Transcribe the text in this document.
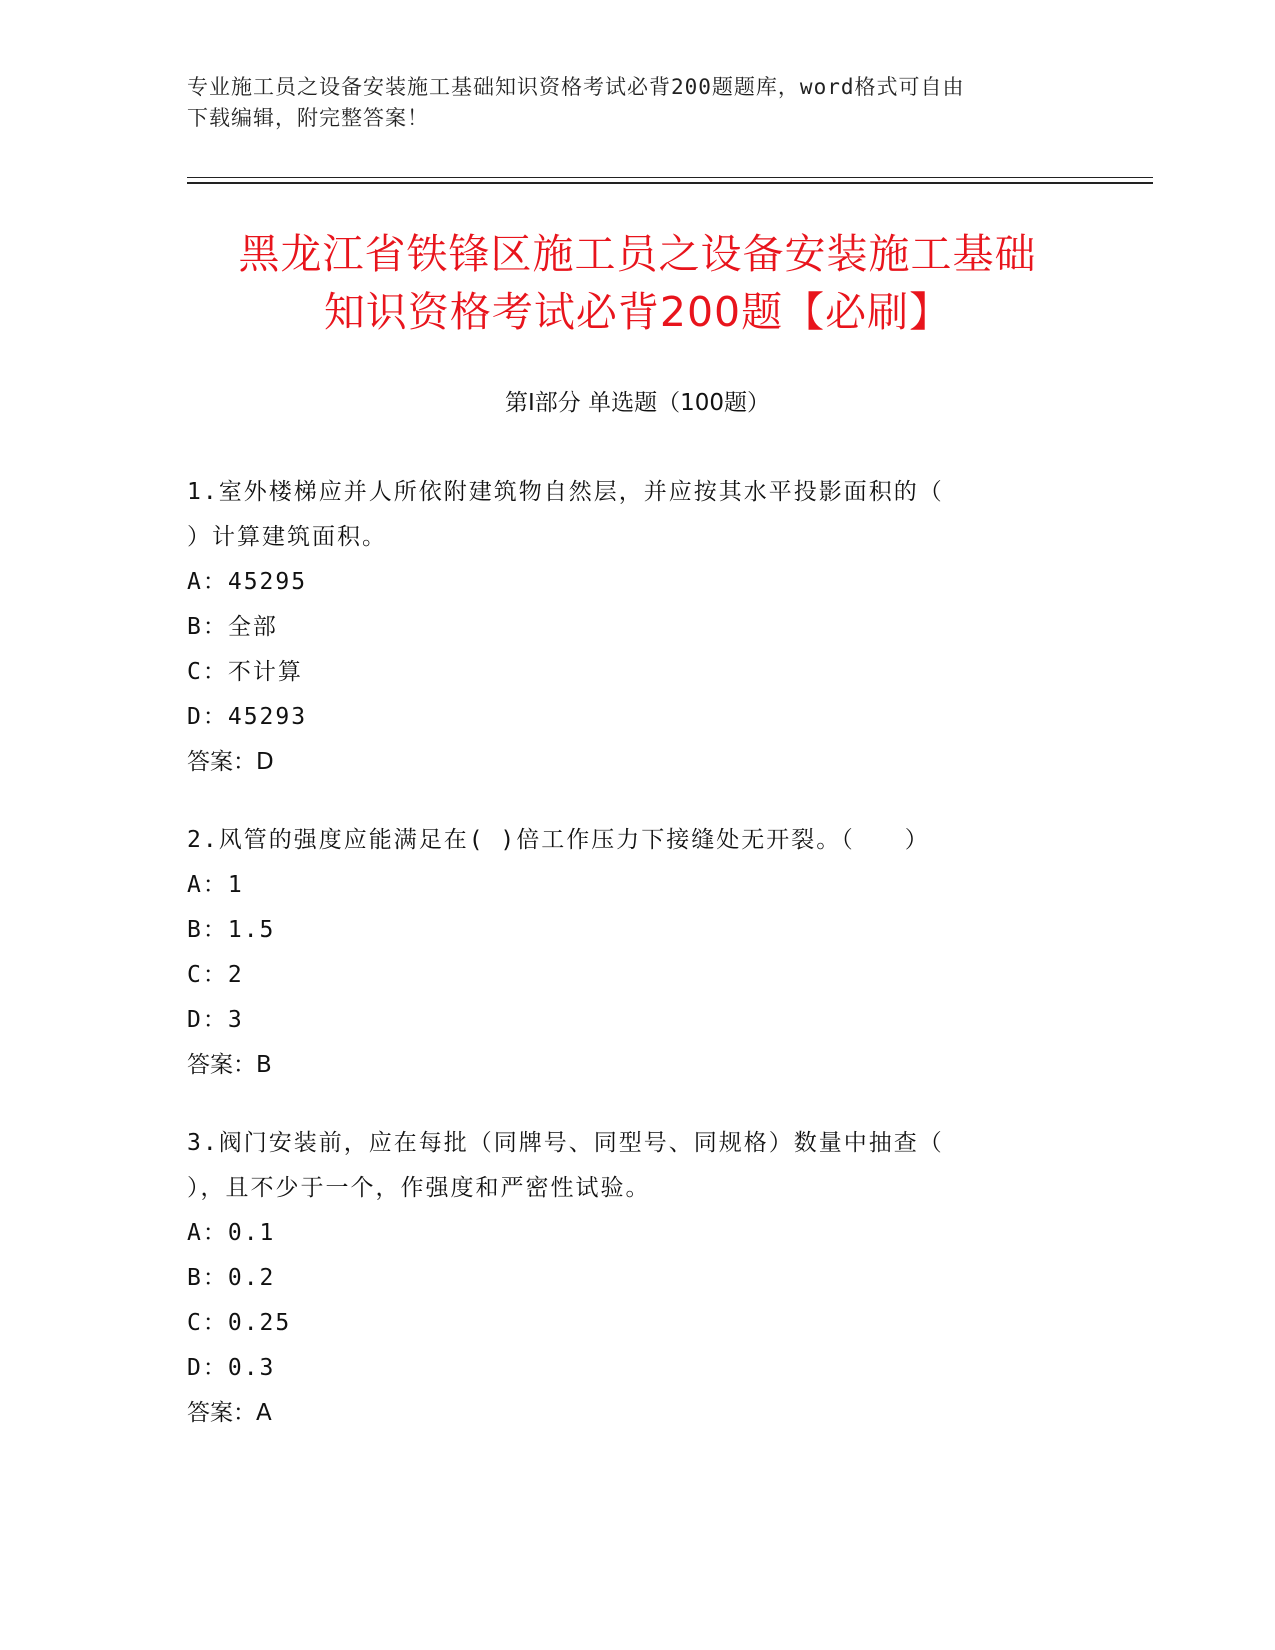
专业施工员之设备安装施工基础知识资格考试必背200题题库，word格式可自由
下载编辑，附完整答案！
黑龙江省铁锋区施工员之设备安装施工基础
知识资格考试必背200题【必刷】
第Ⅰ部分 单选题（100题）
1.室外楼梯应并人所依附建筑物自然层，并应按其水平投影面积的（
）计算建筑面积。
A：45295
B：全部
C：不计算
D：45293
答案：D
2.风管的强度应能满足在( )倍工作压力下接缝处无开裂。（　　）
A：1
B：1.5
C：2
D：3
答案：B
3.阀门安装前，应在每批（同牌号、同型号、同规格）数量中抽查（
），且不少于一个，作强度和严密性试验。
A：0.1
B：0.2
C：0.25
D：0.3
答案：A
